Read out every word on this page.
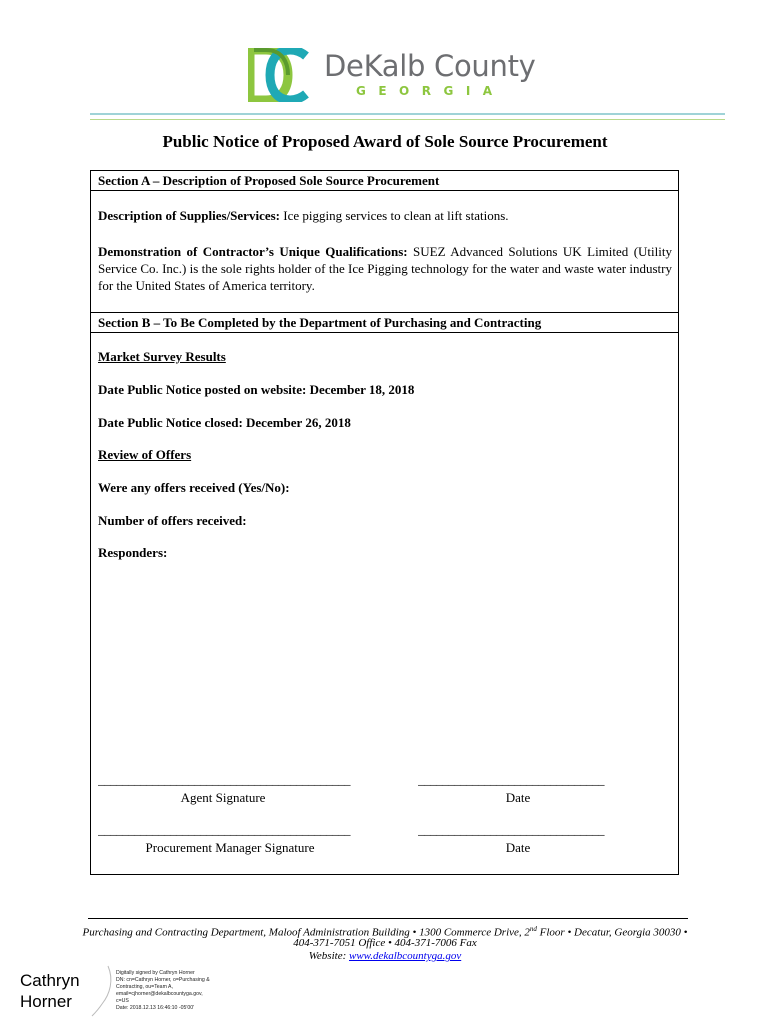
DeKalb County
GEORGIA
Public Notice of Proposed Award of Sole Source Procurement
Section A – Description of Proposed Sole Source Procurement
Description of Supplies/Services: Ice pigging services to clean at lift stations.
Demonstration of Contractor’s Unique Qualifications: SUEZ Advanced Solutions UK Limited (Utility Service Co. Inc.) is the sole rights holder of the Ice Pigging technology for the water and waste water industry for the United States of America territory.
Section B – To Be Completed by the Department of Purchasing and Contracting
Market Survey Results
Date Public Notice posted on website: December 18, 2018
Date Public Notice closed: December 26, 2018
Review of Offers
Were any offers received (Yes/No):
Number of offers received:
Responders:
__________________________________________	_______________________________
Agent Signature	Date
__________________________________________	_______________________________
Procurement Manager Signature	Date
Purchasing and Contracting Department, Maloof Administration Building • 1300 Commerce Drive, 2nd Floor • Decatur, Georgia 30030 •
404-371-7051 Office • 404-371-7006 Fax
Website: www.dekalbcountyga.gov
Cathryn
Horner
Digitally signed by Cathryn Horner
DN: cn=Cathryn Horner, o=Purchasing &
Contracting, ou=Team A,
email=cjhorner@dekalbcountyga.gov,
c=US
Date: 2018.12.13 16:46:10 -05'00'
